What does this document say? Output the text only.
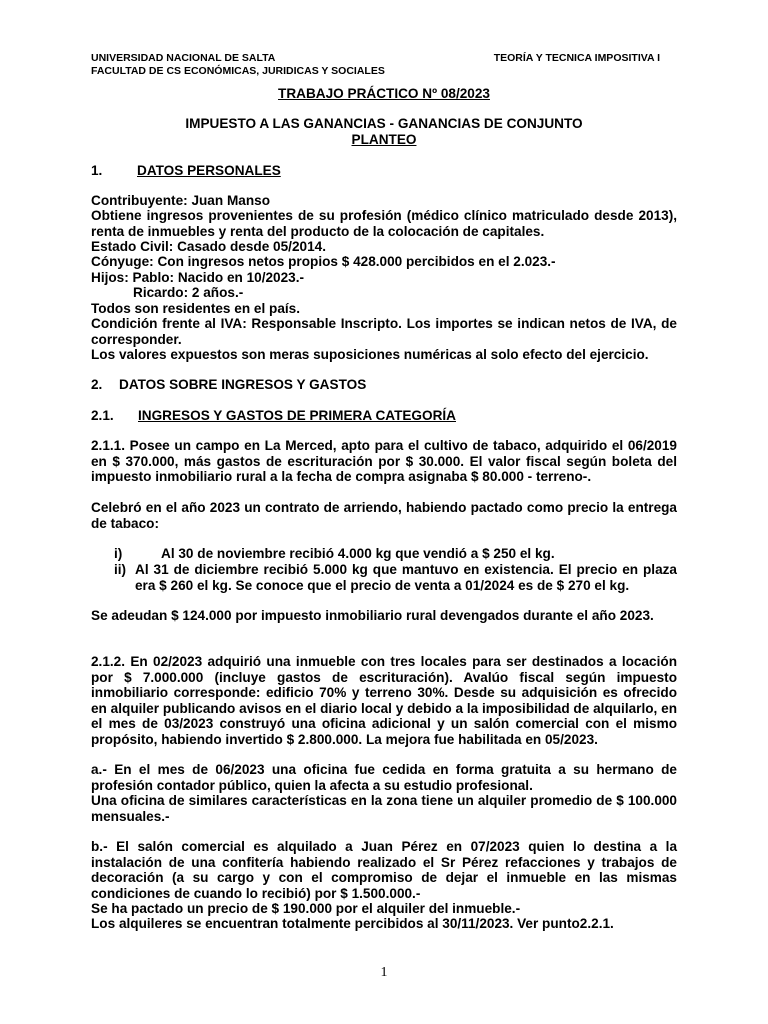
UNIVERSIDAD NACIONAL DE SALTA
FACULTAD DE CS ECONÓMICAS, JURIDICAS Y SOCIALES
TEORÍA Y TECNICA IMPOSITIVA I
TRABAJO PRÁCTICO Nº 08/2023
IMPUESTO A LAS GANANCIAS - GANANCIAS DE CONJUNTO
PLANTEO
1.	DATOS PERSONALES
Contribuyente: Juan Manso
Obtiene ingresos provenientes de su profesión (médico clínico matriculado desde 2013), renta de inmuebles y renta del producto de la colocación de capitales.
Estado Civil: Casado desde 05/2014.
Cónyuge: Con ingresos netos propios $ 428.000 percibidos en el 2.023.-
Hijos: Pablo: Nacido en 10/2023.-
Ricardo: 2 años.-
Todos son residentes en el país.
Condición frente al IVA: Responsable Inscripto. Los importes se indican netos de IVA, de corresponder.
Los valores expuestos son meras suposiciones numéricas al solo efecto del ejercicio.
2. DATOS SOBRE INGRESOS Y GASTOS
2.1. INGRESOS Y GASTOS DE PRIMERA CATEGORÍA
2.1.1. Posee un campo en La Merced, apto para el cultivo de tabaco, adquirido el 06/2019 en $ 370.000, más gastos de escrituración por $ 30.000. El valor fiscal según boleta del impuesto inmobiliario rural a la fecha de compra asignaba $ 80.000 - terreno-.
Celebró en el año 2023 un contrato de arriendo, habiendo pactado como precio la entrega de tabaco:
i)	Al 30 de noviembre recibió 4.000 kg que vendió a $ 250 el kg.
ii) Al 31 de diciembre recibió 5.000 kg que mantuvo en existencia. El precio en plaza era $ 260 el kg. Se conoce que el precio de venta a 01/2024 es de $ 270 el kg.
Se adeudan $ 124.000 por impuesto inmobiliario rural devengados durante el año 2023.
2.1.2. En 02/2023 adquirió una inmueble con tres locales para ser destinados a locación por $ 7.000.000 (incluye gastos de escrituración). Avalúo fiscal según impuesto inmobiliario corresponde: edificio 70% y terreno 30%. Desde su adquisición es ofrecido en alquiler publicando avisos en el diario local y debido a la imposibilidad de alquilarlo, en el mes de 03/2023 construyó una oficina adicional y un salón comercial con el mismo propósito, habiendo invertido $ 2.800.000. La mejora fue habilitada en 05/2023.
a.- En el mes de 06/2023 una oficina fue cedida en forma gratuita a su hermano de profesión contador público, quien la afecta a su estudio profesional.
Una oficina de similares características en la zona tiene un alquiler promedio de $ 100.000 mensuales.-
b.- El salón comercial es alquilado a Juan Pérez en 07/2023 quien lo destina a la instalación de una confitería habiendo realizado el Sr Pérez refacciones y trabajos de decoración (a su cargo y con el compromiso de dejar el inmueble en las mismas condiciones de cuando lo recibió) por $ 1.500.000.-
Se ha pactado un precio de $ 190.000 por el alquiler del inmueble.-
Los alquileres se encuentran totalmente percibidos al 30/11/2023. Ver punto2.2.1.
1
